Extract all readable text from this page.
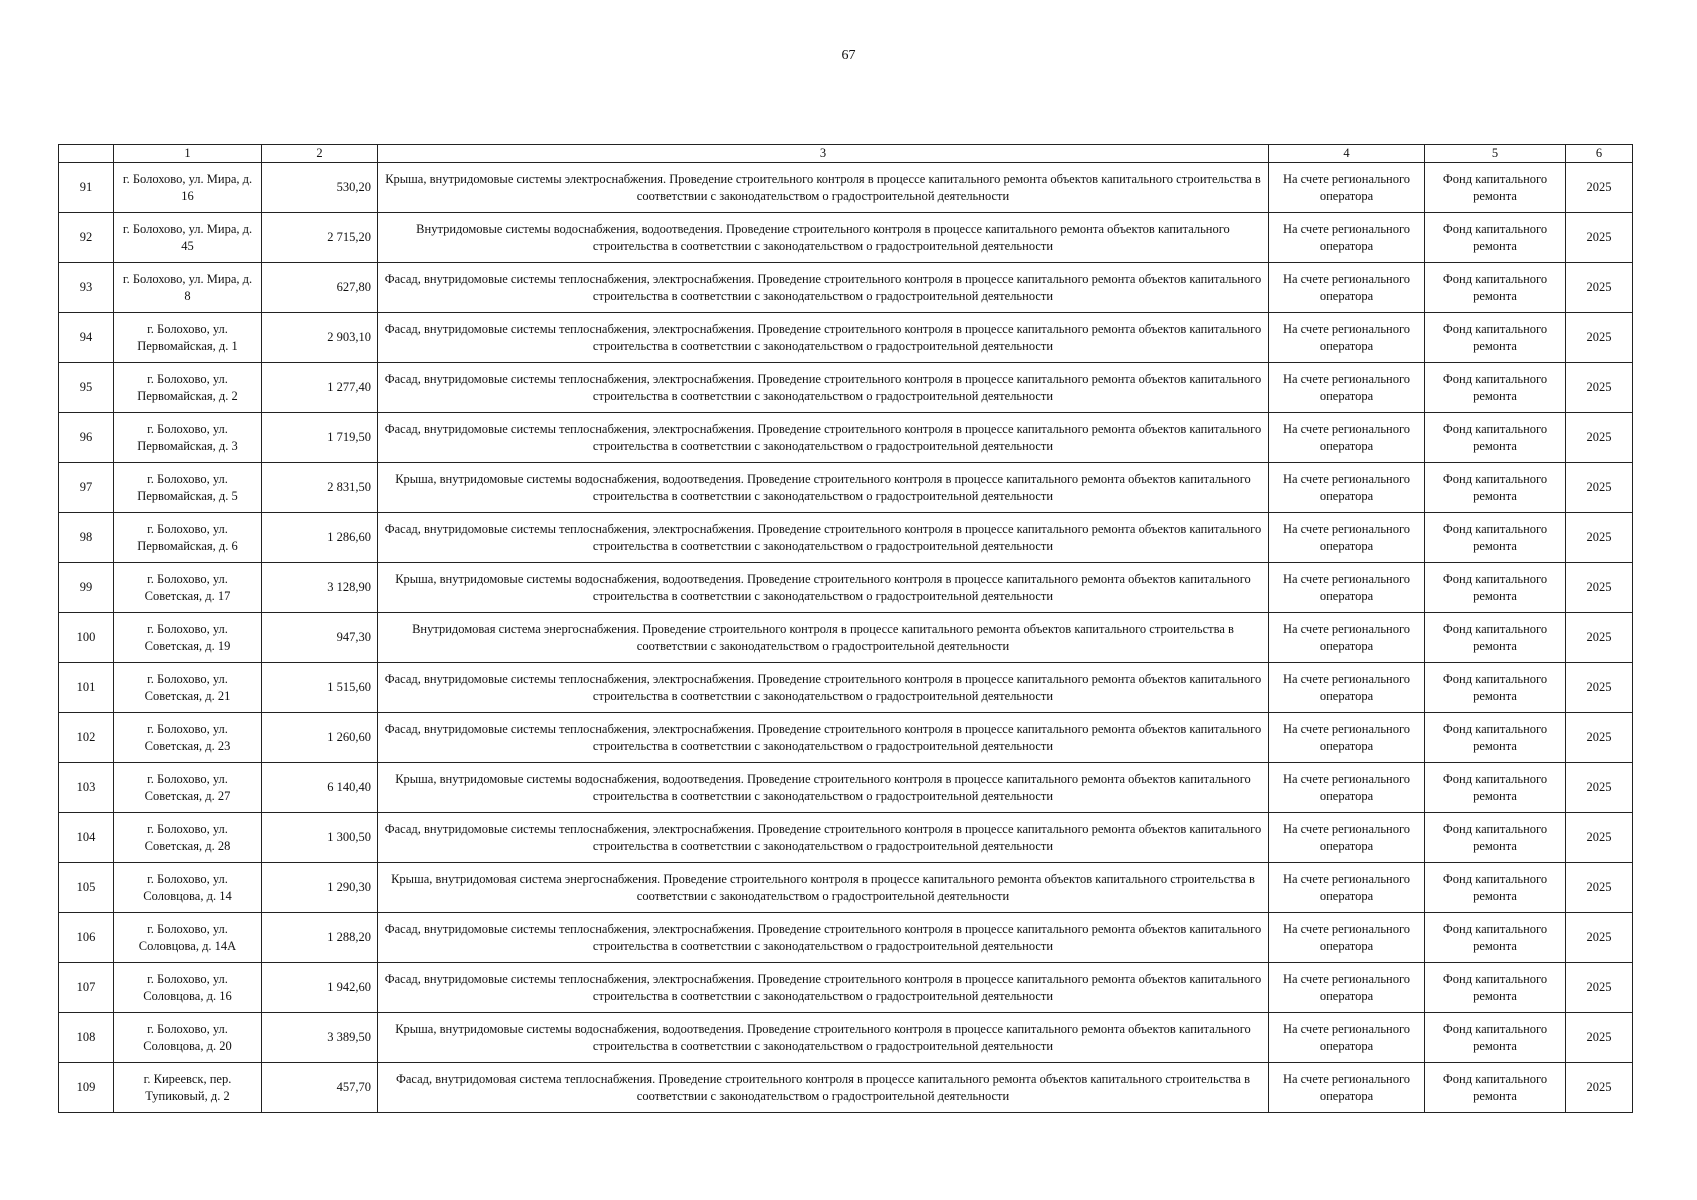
67
	1	2	3	4	5	6
91	г. Болохово, ул. Мира, д. 16	530,20	Крыша, внутридомовые системы электроснабжения. Проведение строительного контроля в процессе капитального ремонта объектов капитального строительства в соответствии с законодательством о градостроительной деятельности	На счете регионального оператора	Фонд капитального ремонта	2025
92	г. Болохово, ул. Мира, д. 45	2 715,20	Внутридомовые системы водоснабжения, водоотведения. Проведение строительного контроля в процессе капитального ремонта объектов капитального строительства в соответствии с законодательством о градостроительной деятельности	На счете регионального оператора	Фонд капитального ремонта	2025
93	г. Болохово, ул. Мира, д. 8	627,80	Фасад, внутридомовые системы теплоснабжения, электроснабжения. Проведение строительного контроля в процессе капитального ремонта объектов капитального строительства в соответствии с законодательством о градостроительной деятельности	На счете регионального оператора	Фонд капитального ремонта	2025
94	г. Болохово, ул. Первомайская, д. 1	2 903,10	Фасад, внутридомовые системы теплоснабжения, электроснабжения. Проведение строительного контроля в процессе капитального ремонта объектов капитального строительства в соответствии с законодательством о градостроительной деятельности	На счете регионального оператора	Фонд капитального ремонта	2025
95	г. Болохово, ул. Первомайская, д. 2	1 277,40	Фасад, внутридомовые системы теплоснабжения, электроснабжения. Проведение строительного контроля в процессе капитального ремонта объектов капитального строительства в соответствии с законодательством о градостроительной деятельности	На счете регионального оператора	Фонд капитального ремонта	2025
96	г. Болохово, ул. Первомайская, д. 3	1 719,50	Фасад, внутридомовые системы теплоснабжения, электроснабжения. Проведение строительного контроля в процессе капитального ремонта объектов капитального строительства в соответствии с законодательством о градостроительной деятельности	На счете регионального оператора	Фонд капитального ремонта	2025
97	г. Болохово, ул. Первомайская, д. 5	2 831,50	Крыша, внутридомовые системы водоснабжения, водоотведения. Проведение строительного контроля в процессе капитального ремонта объектов капитального строительства в соответствии с законодательством о градостроительной деятельности	На счете регионального оператора	Фонд капитального ремонта	2025
98	г. Болохово, ул. Первомайская, д. 6	1 286,60	Фасад, внутридомовые системы теплоснабжения, электроснабжения. Проведение строительного контроля в процессе капитального ремонта объектов капитального строительства в соответствии с законодательством о градостроительной деятельности	На счете регионального оператора	Фонд капитального ремонта	2025
99	г. Болохово, ул. Советская, д. 17	3 128,90	Крыша, внутридомовые системы водоснабжения, водоотведения. Проведение строительного контроля в процессе капитального ремонта объектов капитального строительства в соответствии с законодательством о градостроительной деятельности	На счете регионального оператора	Фонд капитального ремонта	2025
100	г. Болохово, ул. Советская, д. 19	947,30	Внутридомовая система энергоснабжения. Проведение строительного контроля в процессе капитального ремонта объектов капитального строительства в соответствии с законодательством о градостроительной деятельности	На счете регионального оператора	Фонд капитального ремонта	2025
101	г. Болохово, ул. Советская, д. 21	1 515,60	Фасад, внутридомовые системы теплоснабжения, электроснабжения. Проведение строительного контроля в процессе капитального ремонта объектов капитального строительства в соответствии с законодательством о градостроительной деятельности	На счете регионального оператора	Фонд капитального ремонта	2025
102	г. Болохово, ул. Советская, д. 23	1 260,60	Фасад, внутридомовые системы теплоснабжения, электроснабжения. Проведение строительного контроля в процессе капитального ремонта объектов капитального строительства в соответствии с законодательством о градостроительной деятельности	На счете регионального оператора	Фонд капитального ремонта	2025
103	г. Болохово, ул. Советская, д. 27	6 140,40	Крыша, внутридомовые системы водоснабжения, водоотведения. Проведение строительного контроля в процессе капитального ремонта объектов капитального строительства в соответствии с законодательством о градостроительной деятельности	На счете регионального оператора	Фонд капитального ремонта	2025
104	г. Болохово, ул. Советская, д. 28	1 300,50	Фасад, внутридомовые системы теплоснабжения, электроснабжения. Проведение строительного контроля в процессе капитального ремонта объектов капитального строительства в соответствии с законодательством о градостроительной деятельности	На счете регионального оператора	Фонд капитального ремонта	2025
105	г. Болохово, ул. Соловцова, д. 14	1 290,30	Крыша, внутридомовая система энергоснабжения. Проведение строительного контроля в процессе капитального ремонта объектов капитального строительства в соответствии с законодательством о градостроительной деятельности	На счете регионального оператора	Фонд капитального ремонта	2025
106	г. Болохово, ул. Соловцова, д. 14А	1 288,20	Фасад, внутридомовые системы теплоснабжения, электроснабжения. Проведение строительного контроля в процессе капитального ремонта объектов капитального строительства в соответствии с законодательством о градостроительной деятельности	На счете регионального оператора	Фонд капитального ремонта	2025
107	г. Болохово, ул. Соловцова, д. 16	1 942,60	Фасад, внутридомовые системы теплоснабжения, электроснабжения. Проведение строительного контроля в процессе капитального ремонта объектов капитального строительства в соответствии с законодательством о градостроительной деятельности	На счете регионального оператора	Фонд капитального ремонта	2025
108	г. Болохово, ул. Соловцова, д. 20	3 389,50	Крыша, внутридомовые системы водоснабжения, водоотведения. Проведение строительного контроля в процессе капитального ремонта объектов капитального строительства в соответствии с законодательством о градостроительной деятельности	На счете регионального оператора	Фонд капитального ремонта	2025
109	г. Киреевск, пер. Тупиковый, д. 2	457,70	Фасад, внутридомовая система теплоснабжения. Проведение строительного контроля в процессе капитального ремонта объектов капитального строительства в соответствии с законодательством о градостроительной деятельности	На счете регионального оператора	Фонд капитального ремонта	2025
